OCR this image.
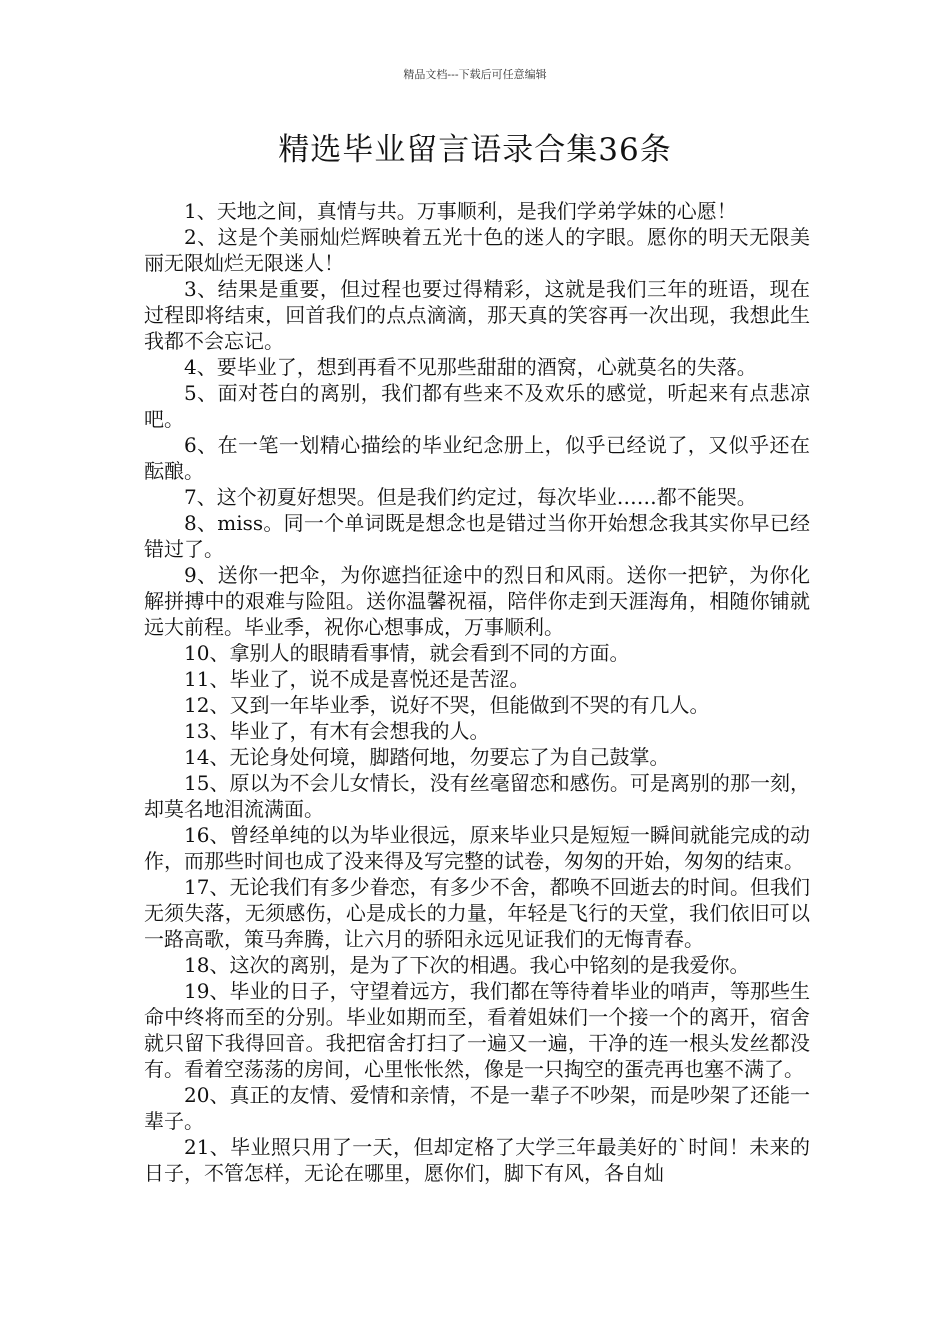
精品文档---下载后可任意编辑
精选毕业留言语录合集36条

1、天地之间，真情与共。万事顺利，是我们学弟学妹的心愿！

2、这是个美丽灿烂辉映着五光十色的迷人的字眼。愿你的明天无限美丽无限灿烂无限迷人！

3、结果是重要，但过程也要过得精彩，这就是我们三年的班语，现在过程即将结束，回首我们的点点滴滴，那天真的笑容再一次出现，我想此生我都不会忘记。

4、要毕业了，想到再看不见那些甜甜的酒窝，心就莫名的失落。

5、面对苍白的离别，我们都有些来不及欢乐的感觉，听起来有点悲凉吧。

6、在一笔一划精心描绘的毕业纪念册上，似乎已经说了，又似乎还在酝酿。

7、这个初夏好想哭。但是我们约定过，每次毕业……都不能哭。

8、miss。同一个单词既是想念也是错过当你开始想念我其实你早已经错过了。

9、送你一把伞，为你遮挡征途中的烈日和风雨。送你一把铲，为你化解拼搏中的艰难与险阻。送你温馨祝福，陪伴你走到天涯海角，相随你铺就远大前程。毕业季，祝你心想事成，万事顺利。

10、拿别人的眼睛看事情，就会看到不同的方面。

11、毕业了，说不成是喜悦还是苦涩。

12、又到一年毕业季，说好不哭，但能做到不哭的有几人。

13、毕业了，有木有会想我的人。

14、无论身处何境，脚踏何地，勿要忘了为自己鼓掌。

15、原以为不会儿女情长，没有丝毫留恋和感伤。可是离别的那一刻，却莫名地泪流满面。

16、曾经单纯的以为毕业很远，原来毕业只是短短一瞬间就能完成的动作，而那些时间也成了没来得及写完整的试卷，匆匆的开始，匆匆的结束。

17、无论我们有多少眷恋，有多少不舍，都唤不回逝去的时间。但我们无须失落，无须感伤，心是成长的力量，年轻是飞行的天堂，我们依旧可以一路高歌，策马奔腾，让六月的骄阳永远见证我们的无悔青春。

18、这次的离别，是为了下次的相遇。我心中铭刻的是我爱你。

19、毕业的日子，守望着远方，我们都在等待着毕业的哨声，等那些生命中终将而至的分别。毕业如期而至，看着姐妹们一个接一个的离开，宿舍就只留下我得回音。我把宿舍打扫了一遍又一遍，干净的连一根头发丝都没有。看着空荡荡的房间，心里怅怅然，像是一只掏空的蛋壳再也塞不满了。

20、真正的友情、爱情和亲情，不是一辈子不吵架，而是吵架了还能一辈子。

21、毕业照只用了一天，但却定格了大学三年最美好的`时间！未来的日子，不管怎样，无论在哪里，愿你们，脚下有风，各自灿
